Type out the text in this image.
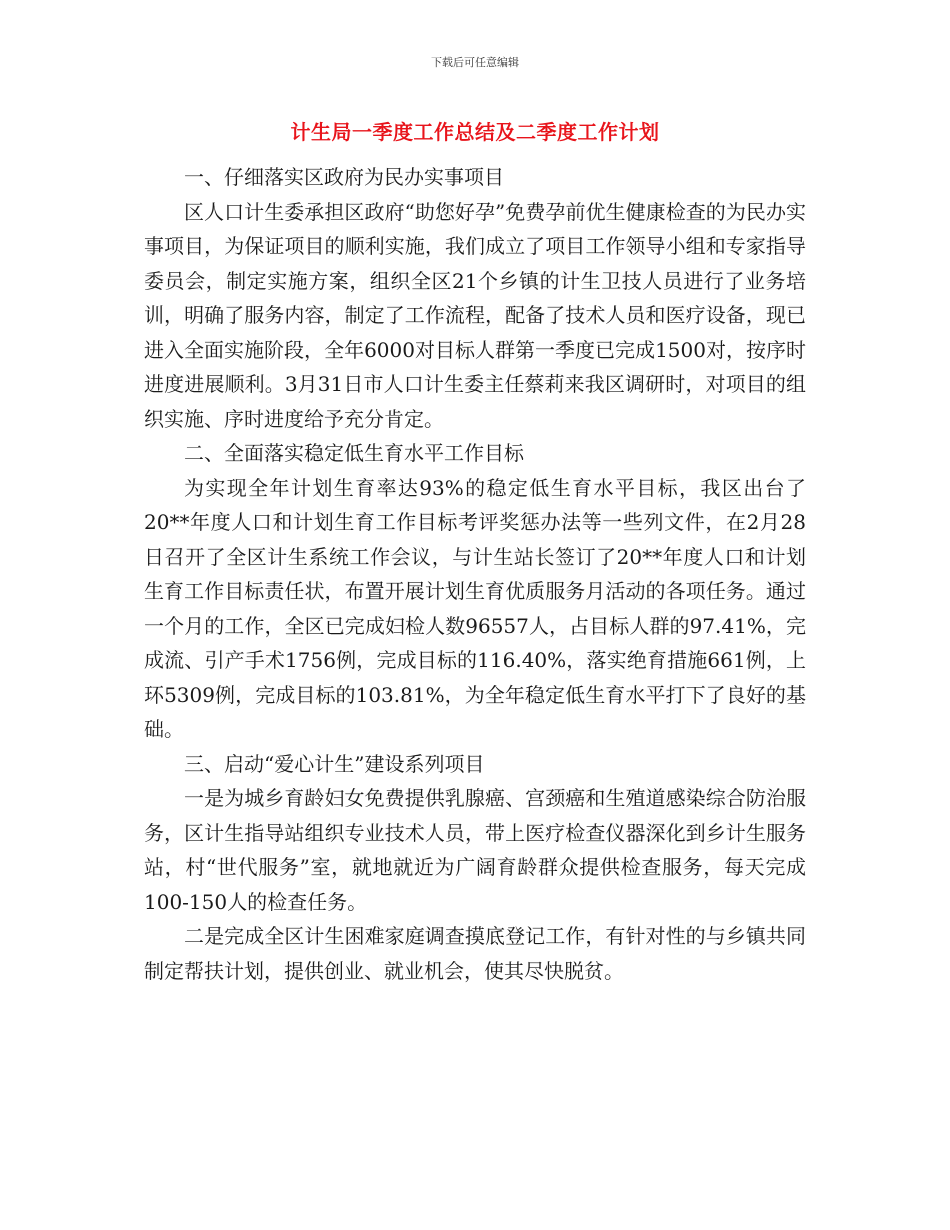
下载后可任意编辑
计生局一季度工作总结及二季度工作计划

一、仔细落实区政府为民办实事项目

区人口计生委承担区政府“助您好孕”免费孕前优生健康检查的为民办实事项目，为保证项目的顺利实施，我们成立了项目工作领导小组和专家指导委员会，制定实施方案，组织全区21个乡镇的计生卫技人员进行了业务培训，明确了服务内容，制定了工作流程，配备了技术人员和医疗设备，现已进入全面实施阶段，全年6000对目标人群第一季度已完成1500对，按序时进度进展顺利。3月31日市人口计生委主任蔡莉来我区调研时，对项目的组织实施、序时进度给予充分肯定。

二、全面落实稳定低生育水平工作目标

为实现全年计划生育率达93%的稳定低生育水平目标，我区出台了20**年度人口和计划生育工作目标考评奖惩办法等一些列文件，在2月28日召开了全区计生系统工作会议，与计生站长签订了20**年度人口和计划生育工作目标责任状，布置开展计划生育优质服务月活动的各项任务。通过一个月的工作，全区已完成妇检人数96557人，占目标人群的97.41%，完成流、引产手术1756例，完成目标的116.40%，落实绝育措施661例，上环5309例，完成目标的103.81%，为全年稳定低生育水平打下了良好的基础。

三、启动“爱心计生”建设系列项目

一是为城乡育龄妇女免费提供乳腺癌、宫颈癌和生殖道感染综合防治服务，区计生指导站组织专业技术人员，带上医疗检查仪器深化到乡计生服务站，村“世代服务”室，就地就近为广阔育龄群众提供检查服务，每天完成100-150人的检查任务。

二是完成全区计生困难家庭调查摸底登记工作，有针对性的与乡镇共同制定帮扶计划，提供创业、就业机会，使其尽快脱贫。
